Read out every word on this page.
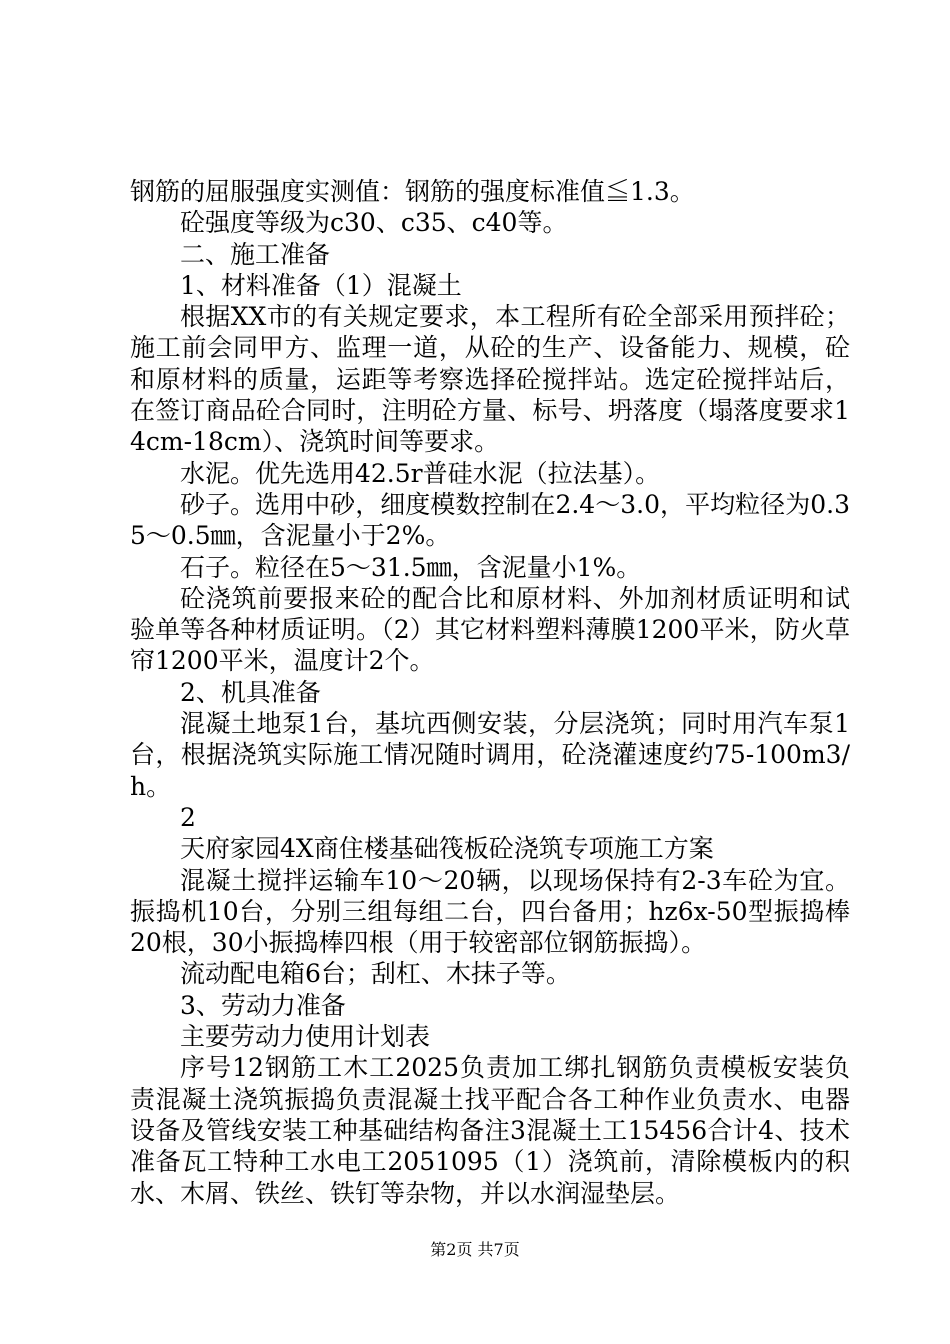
钢筋的屈服强度实测值：钢筋的强度标准值≦1.3。

砼强度等级为c30、c35、c40等。

二、施工准备

1、材料准备（1）混凝土

根据XX市的有关规定要求，本工程所有砼全部采用预拌砼；施工前会同甲方、监理一道，从砼的生产、设备能力、规模，砼和原材料的质量，运距等考察选择砼搅拌站。选定砼搅拌站后，在签订商品砼合同时，注明砼方量、标号、坍落度（塌落度要求14cm-18cm）、浇筑时间等要求。

水泥。优先选用42.5r普硅水泥（拉法基）。

砂子。选用中砂，细度模数控制在2.4～3.0，平均粒径为0.35～0.5㎜，含泥量小于2%。

石子。粒径在5～31.5㎜，含泥量小1%。

砼浇筑前要报来砼的配合比和原材料、外加剂材质证明和试验单等各种材质证明。（2）其它材料塑料薄膜1200平米，防火草帘1200平米，温度计2个。

2、机具准备

混凝土地泵1台，基坑西侧安装，分层浇筑；同时用汽车泵1台，根据浇筑实际施工情况随时调用，砼浇灌速度约75-100m3/h。

2

天府家园4X商住楼基础筏板砼浇筑专项施工方案

混凝土搅拌运输车10～20辆，以现场保持有2-3车砼为宜。振捣机10台，分别三组每组二台，四台备用；hz6x-50型振捣棒20根，30小振捣棒四根（用于较密部位钢筋振捣）。

流动配电箱6台；刮杠、木抹子等。

3、劳动力准备

主要劳动力使用计划表

序号12钢筋工木工2025负责加工绑扎钢筋负责模板安装负责混凝土浇筑振捣负责混凝土找平配合各工种作业负责水、电器设备及管线安装工种基础结构备注3混凝土工15456合计4、技术准备瓦工特种工水电工2051095（1）浇筑前，清除模板内的积水、木屑、铁丝、铁钉等杂物，并以水润湿垫层。

第2页 共7页
